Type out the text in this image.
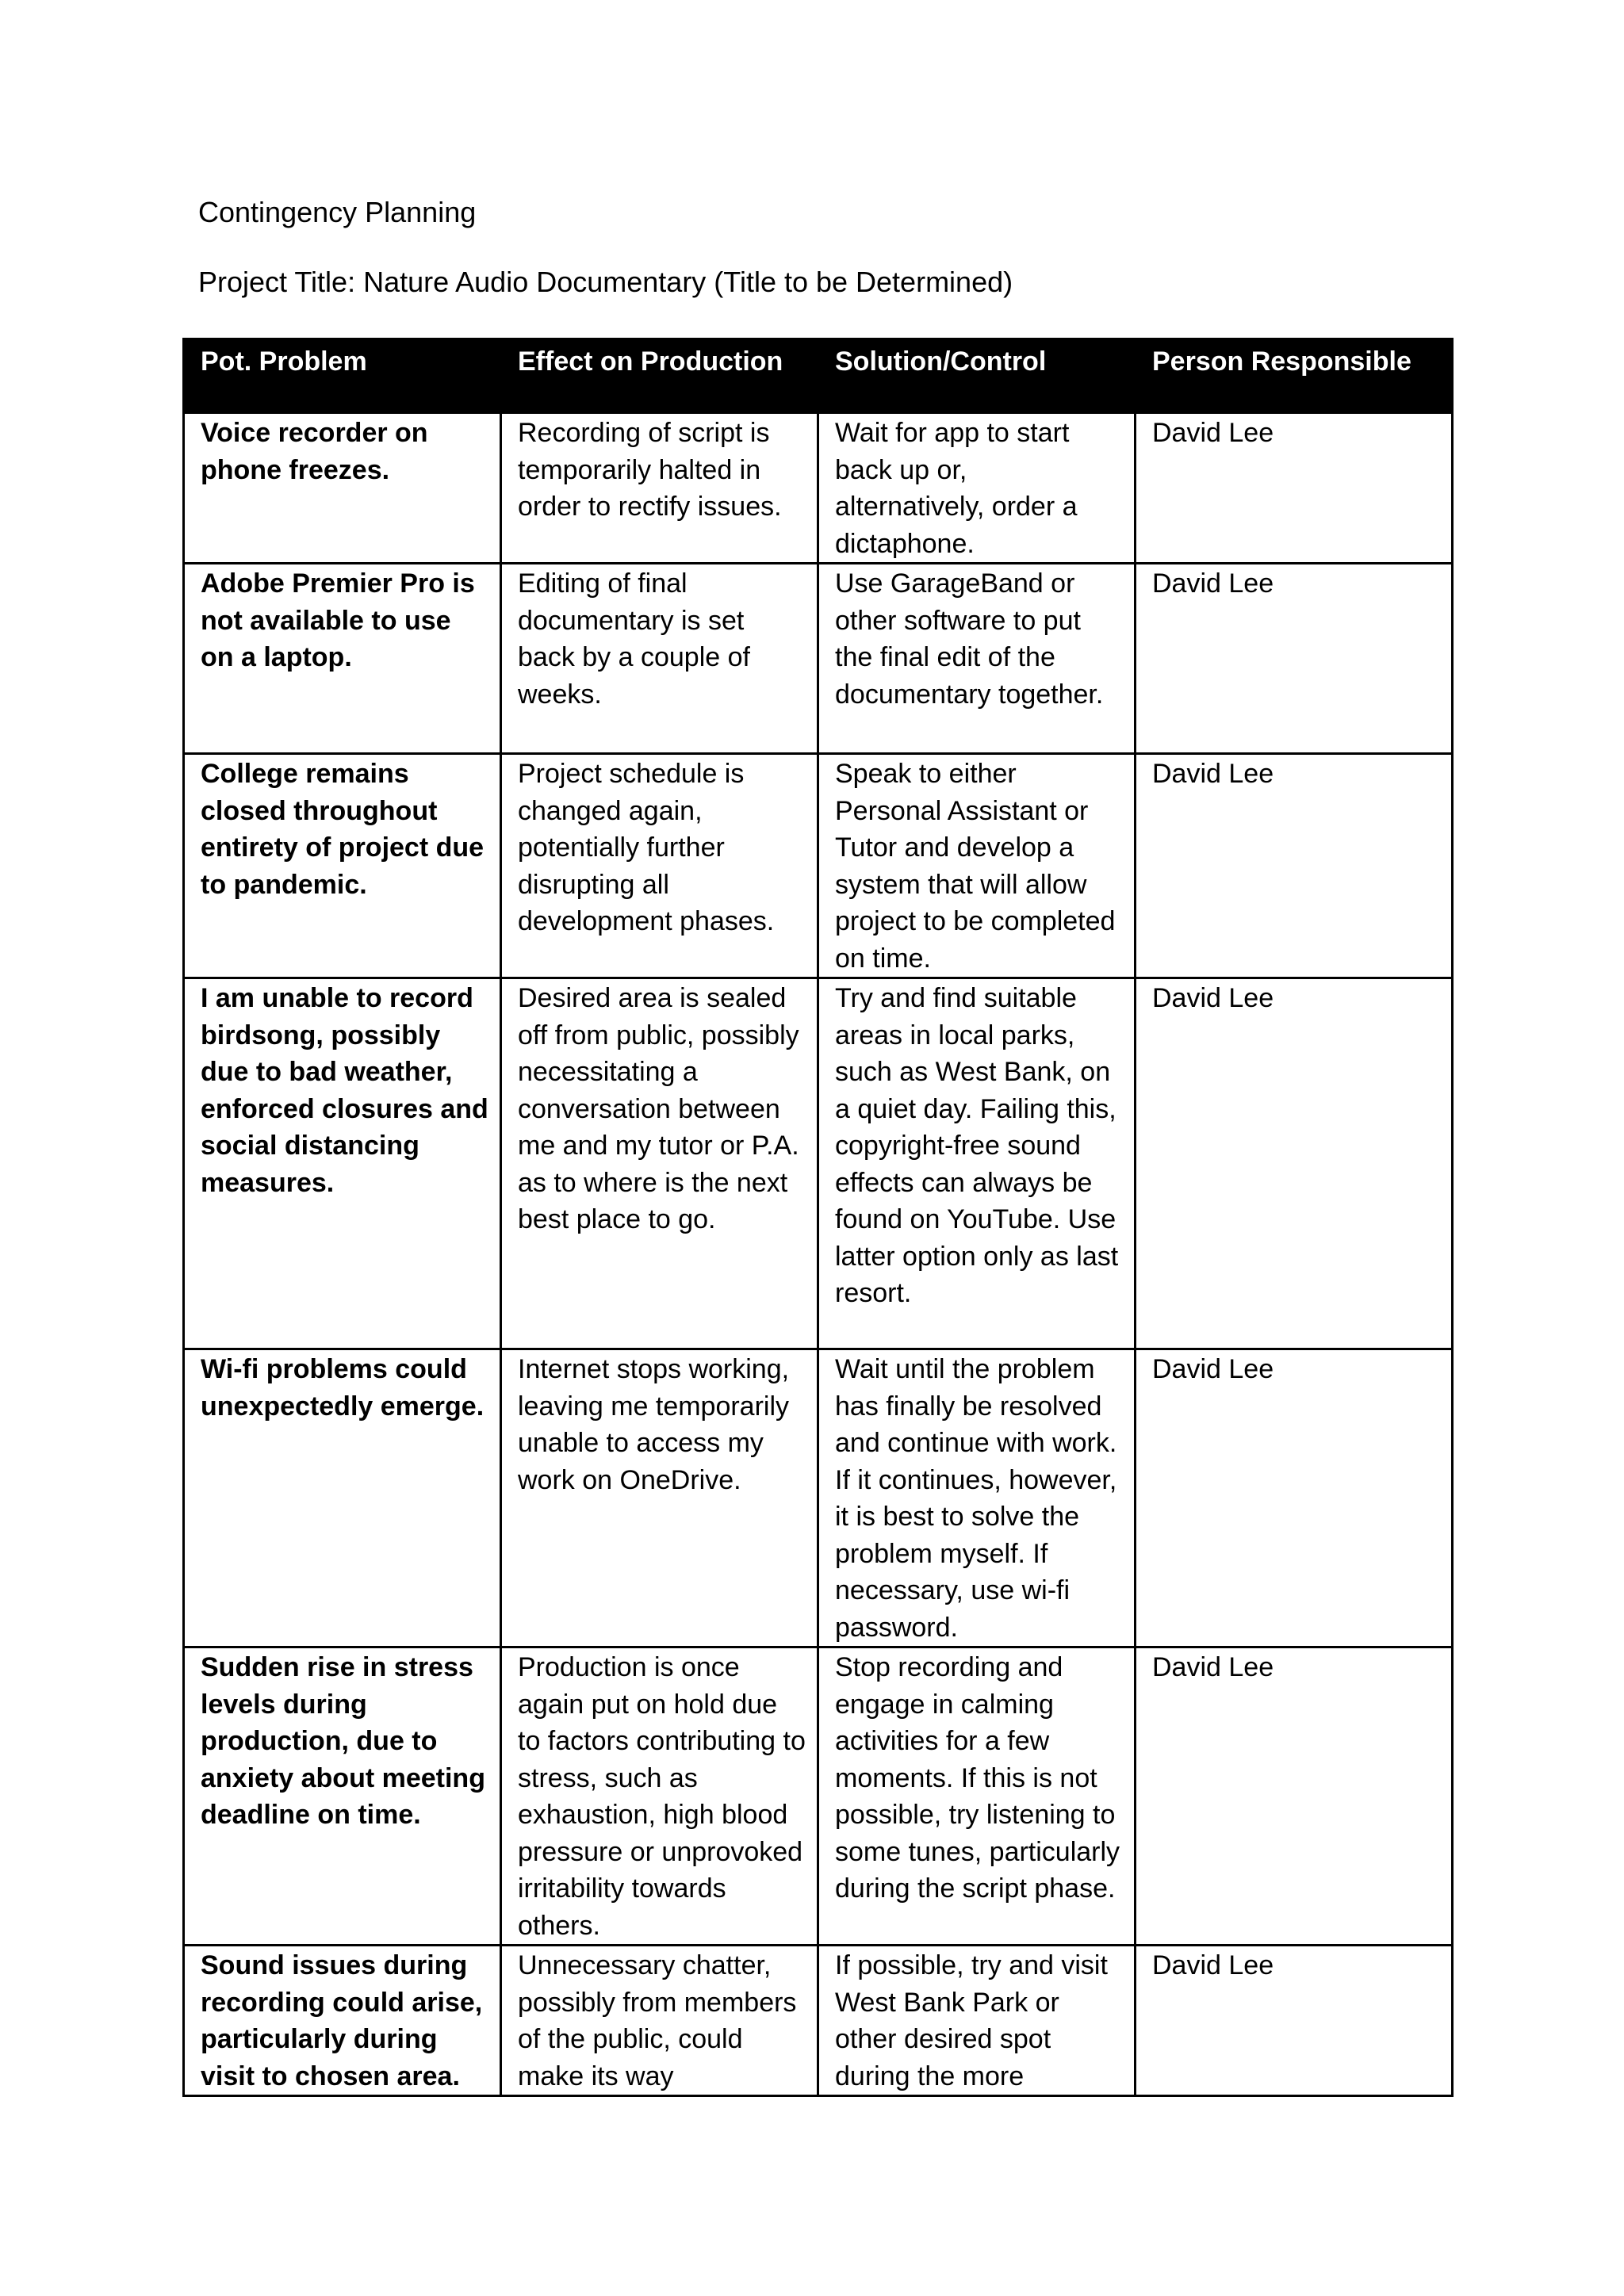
Contingency Planning
Project Title: Nature Audio Documentary (Title to be Determined)
Pot. Problem	Effect on Production	Solution/Control	Person Responsible
Voice recorder on phone freezes.	Recording of script is temporarily halted in order to rectify issues.	Wait for app to start back up or, alternatively, order a dictaphone.	David Lee
Adobe Premier Pro is not available to use on a laptop.	Editing of final documentary is set back by a couple of weeks.	Use GarageBand or other software to put the final edit of the documentary together.	David Lee
College remains closed throughout entirety of project due to pandemic.	Project schedule is changed again, potentially further disrupting all development phases.	Speak to either Personal Assistant or Tutor and develop a system that will allow project to be completed on time.	David Lee
I am unable to record birdsong, possibly due to bad weather, enforced closures and social distancing measures.	Desired area is sealed off from public, possibly necessitating a conversation between me and my tutor or P.A. as to where is the next best place to go.	Try and find suitable areas in local parks, such as West Bank, on a quiet day. Failing this, copyright-free sound effects can always be found on YouTube. Use latter option only as last resort.	David Lee
Wi-fi problems could unexpectedly emerge.	Internet stops working, leaving me temporarily unable to access my work on OneDrive.	Wait until the problem has finally be resolved and continue with work. If it continues, however, it is best to solve the problem myself. If necessary, use wi-fi password.	David Lee
Sudden rise in stress levels during production, due to anxiety about meeting deadline on time.	Production is once again put on hold due to factors contributing to stress, such as exhaustion, high blood pressure or unprovoked irritability towards others.	Stop recording and engage in calming activities for a few moments. If this is not possible, try listening to some tunes, particularly during the script phase.	David Lee
Sound issues during recording could arise, particularly during visit to chosen area.	Unnecessary chatter, possibly from members of the public, could make its way	If possible, try and visit West Bank Park or other desired spot during the more	David Lee
